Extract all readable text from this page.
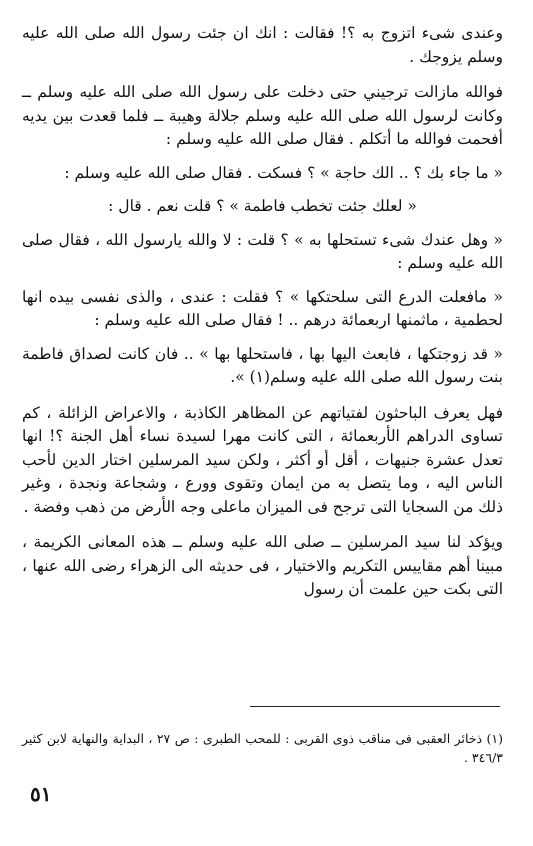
وعندى شىء اتزوج به ؟! فقالت : انك ان جئت رسول الله صلى الله عليه وسلم يزوجك .

فوالله مازالت ترجيني حتى دخلت على رسول الله صلى الله عليه وسلم ــ وكانت لرسول الله صلى الله عليه وسلم جلالة وهيبة ــ فلما قعدت بين يديه أفحمت فوالله ما أتكلم . فقال صلى الله عليه وسلم :

« ما جاء بك ؟ .. الك حاجة » ؟ فسكت . فقال صلى الله عليه وسلم :

« لعلك جئت تخطب فاطمة » ؟ قلت نعم . قال :

« وهل عندك شىء تستحلها به » ؟ قلت : لا والله يارسول الله ، فقال صلى الله عليه وسلم :

« مافعلت الدرع التى سلحتكها » ؟ فقلت : عندى ، والذى نفسى بيده انها لحطمية ، ماثمنها اربعمائة درهم .. ! فقال صلى الله عليه وسلم :

« قد زوجتكها ، فابعث اليها بها ، فاستحلها بها » .. فان كانت لصداق فاطمة بنت رسول الله صلى الله عليه وسلم(١) ».

فهل يعرف الباحثون لفتياتهم عن المظاهر الكاذبة ، والاعراض الزائلة ، كم تساوى الدراهم الأربعمائة ، التى كانت مهرا لسيدة نساء أهل الجنة ؟! انها تعدل عشرة جنيهات ، أقل أو أكثر ، ولكن سيد المرسلين اختار الدين لأحب الناس اليه ، وما يتصل به من ايمان وتقوى وورع ، وشجاعة ونجدة ، وغير ذلك من السجايا التى ترجح فى الميزان ماعلى وجه الأرض من ذهب وفضة .

ويؤكد لنا سيد المرسلين ــ صلى الله عليه وسلم ــ هذه المعانى الكريمة ، مبينا أهم مقاييس التكريم والاختيار ، فى حديثه الى الزهراء رضى الله عنها ، التى بكت حين علمت أن رسول

(١) ذخائر العقبى فى مناقب ذوى القربى : للمحب الطبرى : ص ٢٧ ، البداية والنهاية لابن كثير ٣٤٦/٣ .

٥١
